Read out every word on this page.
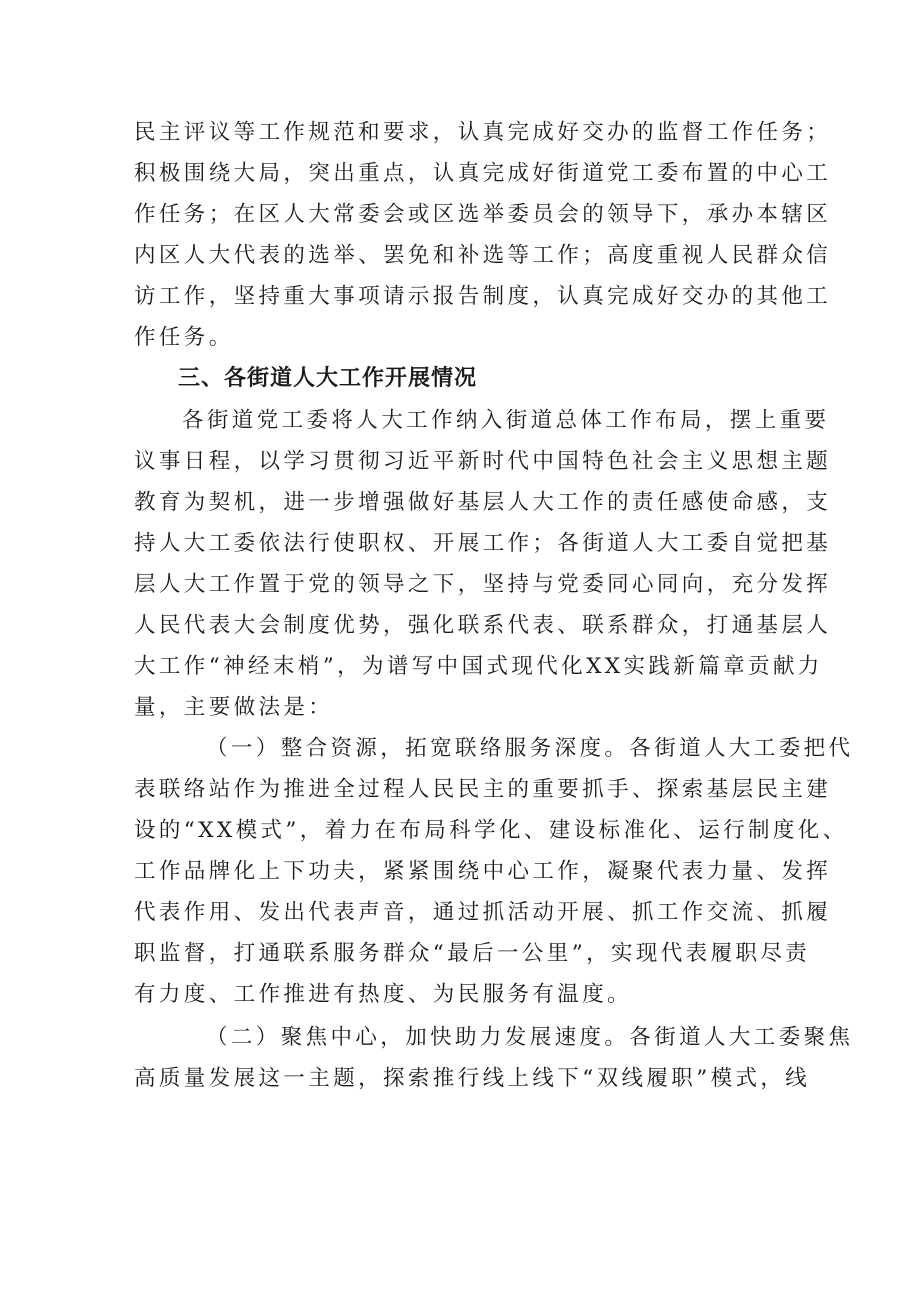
民主评议等工作规范和要求，认真完成好交办的监督工作任务；
积极围绕大局，突出重点，认真完成好街道党工委布置的中心工
作任务；在区人大常委会或区选举委员会的领导下，承办本辖区
内区人大代表的选举、罢免和补选等工作；高度重视人民群众信
访工作，坚持重大事项请示报告制度，认真完成好交办的其他工
作任务。
三、各街道人大工作开展情况
各街道党工委将人大工作纳入街道总体工作布局，摆上重要
议事日程，以学习贯彻习近平新时代中国特色社会主义思想主题
教育为契机，进一步增强做好基层人大工作的责任感使命感，支
持人大工委依法行使职权、开展工作；各街道人大工委自觉把基
层人大工作置于党的领导之下，坚持与党委同心同向，充分发挥
人民代表大会制度优势，强化联系代表、联系群众，打通基层人
大工作“神经末梢”，为谱写中国式现代化XX实践新篇章贡献力
量，主要做法是：
（一）整合资源，拓宽联络服务深度。各街道人大工委把代
表联络站作为推进全过程人民民主的重要抓手、探索基层民主建
设的“XX模式”，着力在布局科学化、建设标准化、运行制度化、
工作品牌化上下功夫，紧紧围绕中心工作，凝聚代表力量、发挥
代表作用、发出代表声音，通过抓活动开展、抓工作交流、抓履
职监督，打通联系服务群众“最后一公里”，实现代表履职尽责
有力度、工作推进有热度、为民服务有温度。
（二）聚焦中心，加快助力发展速度。各街道人大工委聚焦
高质量发展这一主题，探索推行线上线下“双线履职”模式，线
